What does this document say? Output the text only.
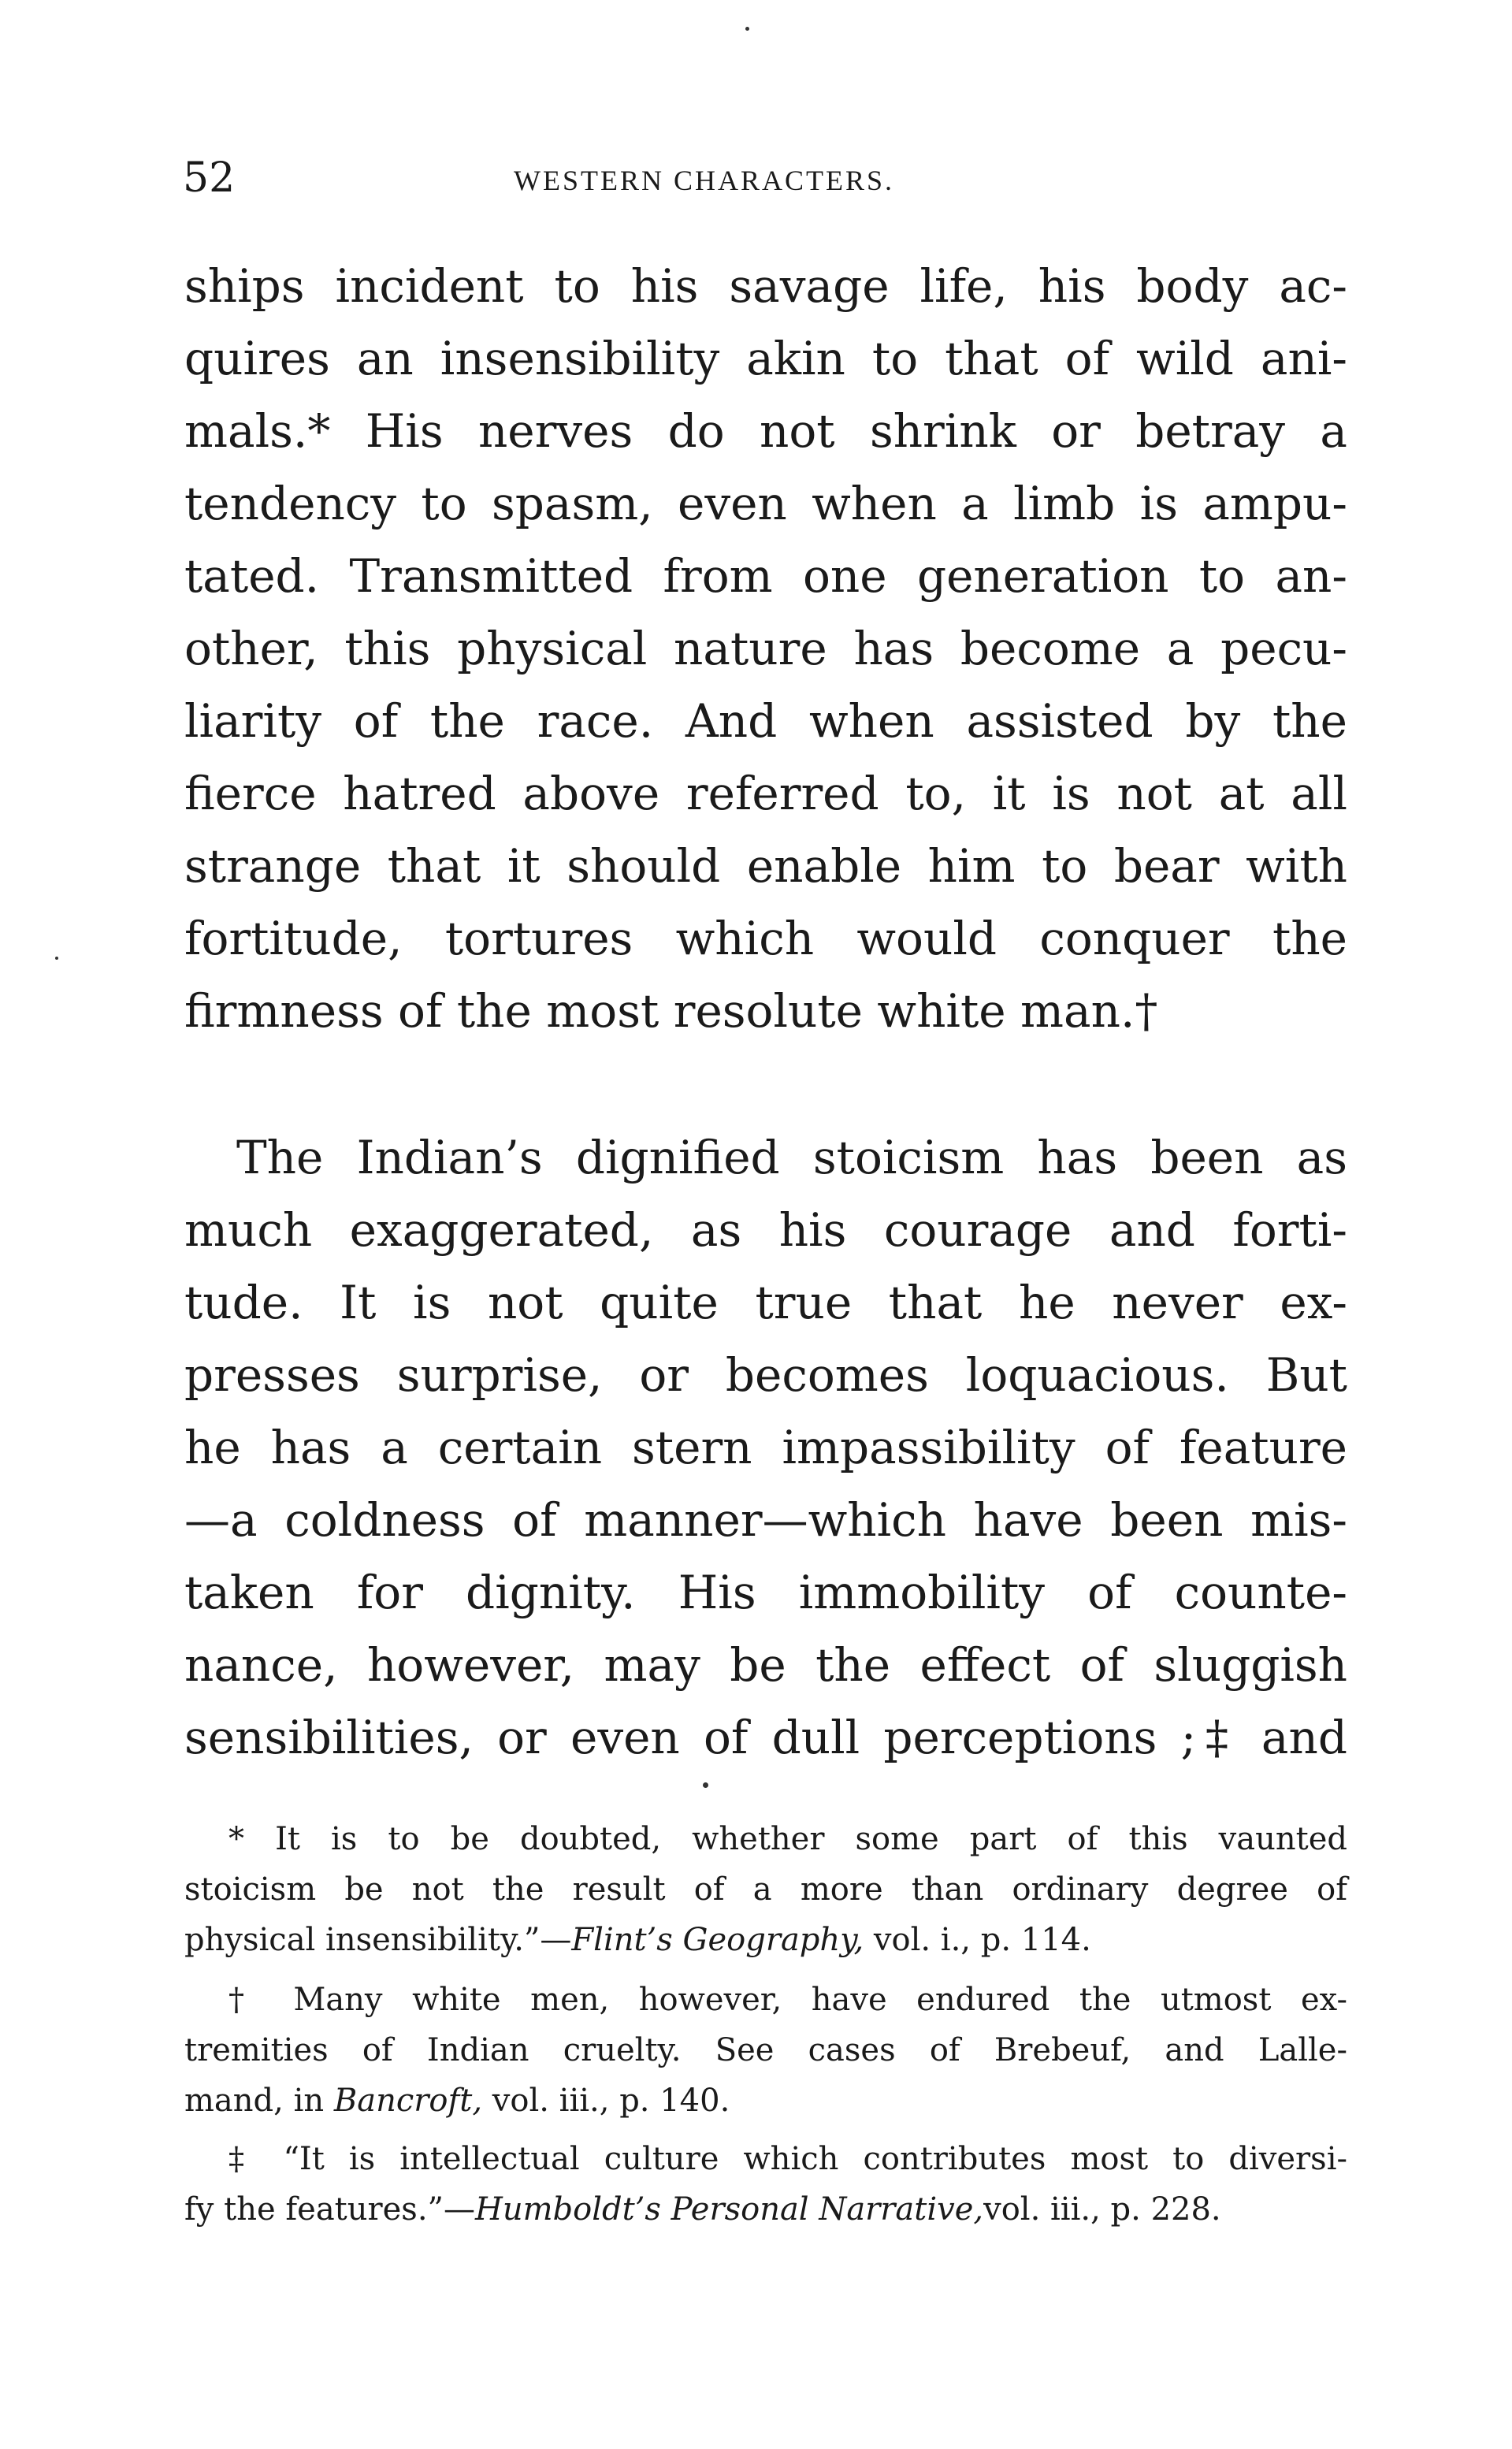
52	WESTERN CHARACTERS.
ships incident to his savage life, his body ac-
quires an insensibility akin to that of wild ani-
mals.* His nerves do not shrink or betray a
tendency to spasm, even when a limb is ampu-
tated. Transmitted from one generation to an-
other, this physical nature has become a pecu-
liarity of the race. And when assisted by the
fierce hatred above referred to, it is not at all
strange that it should enable him to bear with
fortitude, tortures which would conquer the
firmness of the most resolute white man.†
The Indian’s dignified stoicism has been as
much exaggerated, as his courage and forti-
tude. It is not quite true that he never ex-
presses surprise, or becomes loquacious. But
he has a certain stern impassibility of feature
—a coldness of manner—which have been mis-
taken for dignity. His immobility of counte-
nance, however, may be the effect of sluggish
sensibilities, or even of dull perceptions ;‡ and
* It is to be doubted, whether some part of this vaunted
stoicism be not the result of a more than ordinary degree of
physical insensibility.”—Flint’s Geography, vol. i., p. 114.
† Many white men, however, have endured the utmost ex-
tremities of Indian cruelty. See cases of Brebeuf, and Lalle-
mand, in Bancroft, vol. iii., p. 140.
‡ “It is intellectual culture which contributes most to diversi-
fy the features.”—Humboldt’s Personal Narrative,vol. iii., p. 228.
